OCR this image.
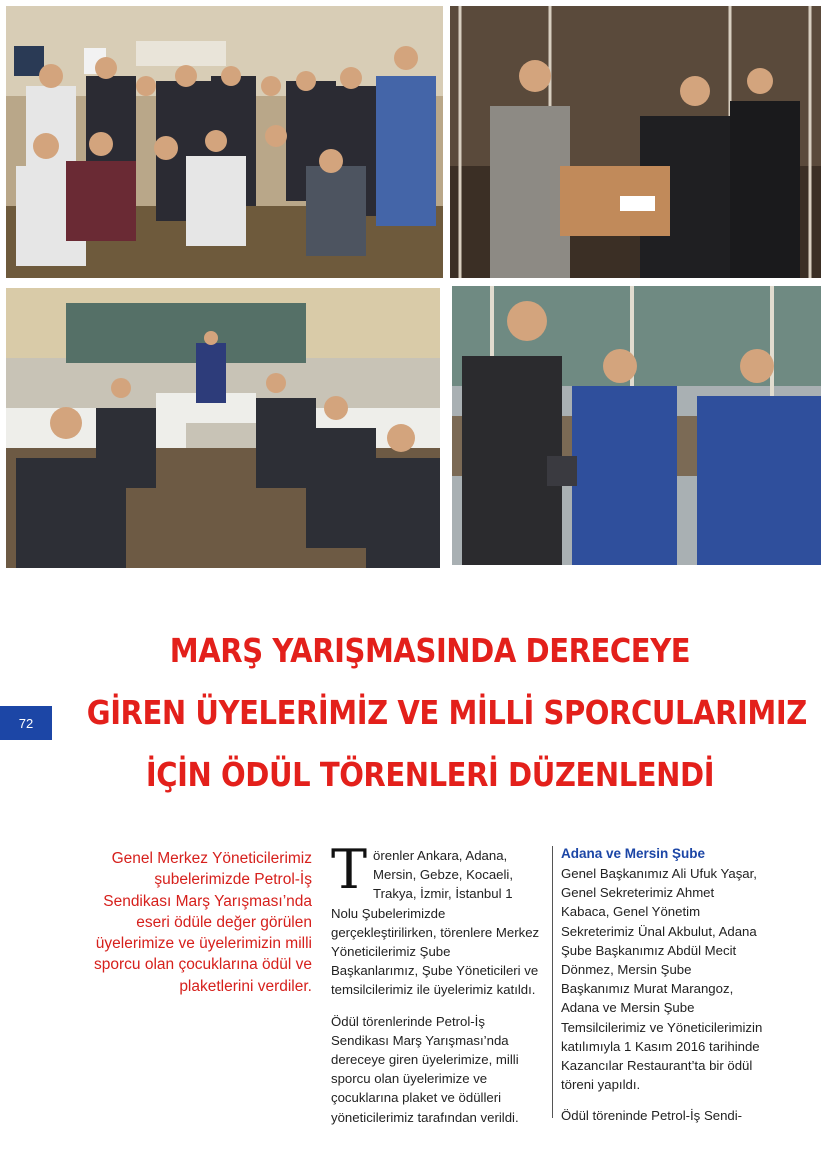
72
MARŞ YARIŞMASINDA DERECEYE
GİREN ÜYELERİMİZ VE MİLLİ SPORCULARIMIZ
İÇİN ÖDÜL TÖRENLERİ DÜZENLENDİ
Genel Merkez Yöneticilerimiz şubelerimizde Petrol-İş Sendikası Marş Yarışması’nda eseri ödüle değer görülen üyelerimize ve üyelerimizin milli sporcu olan çocuklarına ödül ve plaketlerini verdiler.

Törenler Ankara, Adana, Mersin, Gebze, Kocaeli, Trakya, İzmir, İstanbul 1 Nolu Şubelerimizde gerçekleştirilirken, törenlere Merkez Yöneticilerimiz Şube Başkanlarımız, Şube Yöneticileri ve temsilcilerimiz ile üyelerimiz katıldı.

Ödül törenlerinde Petrol-İş Sendikası Marş Yarışması’nda dereceye giren üyelerimize, milli sporcu olan üyelerimize ve çocuklarına plaket ve ödülleri yöneticilerimiz tarafından verildi.

Adana ve Mersin Şube

Genel Başkanımız Ali Ufuk Yaşar, Genel Sekreterimiz Ahmet Kabaca, Genel Yönetim Sekreterimiz Ünal Akbulut, Adana Şube Başkanımız Abdül Mecit Dönmez, Mersin Şube Başkanımız Murat Marangoz, Adana ve Mersin Şube Temsilcilerimiz ve Yöneticilerimizin katılımıyla 1 Kasım 2016 tarihinde Kazancılar Restaurant’ta bir ödül töreni yapıldı.

Ödül töreninde Petrol-İş Sendi-
